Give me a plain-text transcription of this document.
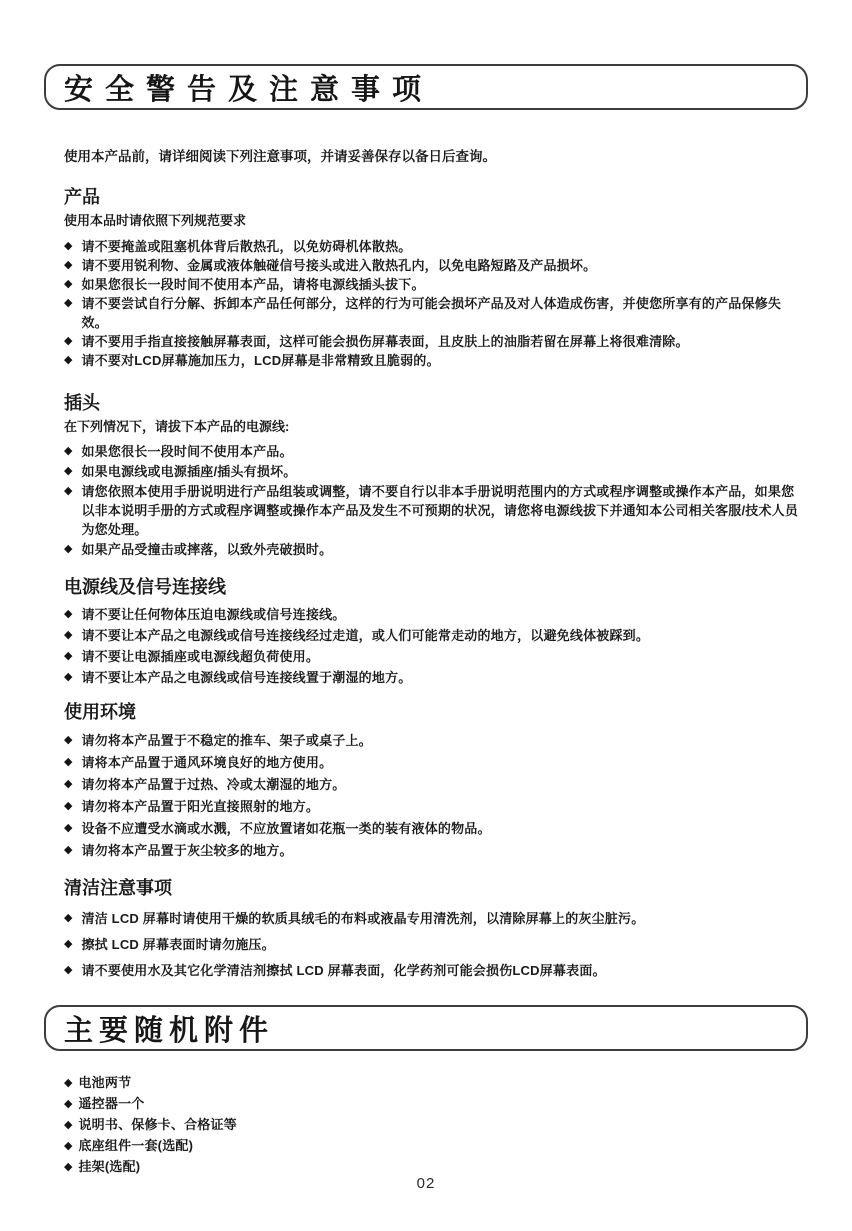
安全警告及注意事项

使用本产品前，请详细阅读下列注意事项，并请妥善保存以备日后查询。

产品
使用本品时请依照下列规范要求
◆ 请不要掩盖或阻塞机体背后散热孔，以免妨碍机体散热。
◆ 请不要用锐利物、金属或液体触碰信号接头或进入散热孔内，以免电路短路及产品损坏。
◆ 如果您很长一段时间不使用本产品，请将电源线插头拔下。
◆ 请不要尝试自行分解、拆卸本产品任何部分，这样的行为可能会损坏产品及对人体造成伤害，并使您所享有的产品保修失效。
◆ 请不要用手指直接接触屏幕表面，这样可能会损伤屏幕表面，且皮肤上的油脂若留在屏幕上将很难清除。
◆ 请不要对LCD屏幕施加压力，LCD屏幕是非常精致且脆弱的。
插头
在下列情况下，请拔下本产品的电源线:
◆ 如果您很长一段时间不使用本产品。
◆ 如果电源线或电源插座/插头有损坏。
◆ 请您依照本使用手册说明进行产品组装或调整，请不要自行以非本手册说明范围内的方式或程序调整或操作本产品，如果您以非本说明手册的方式或程序调整或操作本产品及发生不可预期的状况，请您将电源线拔下并通知本公司相关客服/技术人员为您处理。
◆ 如果产品受撞击或摔落，以致外壳破损时。
电源线及信号连接线
◆ 请不要让任何物体压迫电源线或信号连接线。
◆ 请不要让本产品之电源线或信号连接线经过走道，或人们可能常走动的地方，以避免线体被踩到。
◆ 请不要让电源插座或电源线超负荷使用。
◆ 请不要让本产品之电源线或信号连接线置于潮湿的地方。
使用环境
◆ 请勿将本产品置于不稳定的推车、架子或桌子上。
◆ 请将本产品置于通风环境良好的地方使用。
◆ 请勿将本产品置于过热、冷或太潮湿的地方。
◆ 请勿将本产品置于阳光直接照射的地方。
◆ 设备不应遭受水滴或水溅，不应放置诸如花瓶一类的装有液体的物品。
◆ 请勿将本产品置于灰尘较多的地方。
清洁注意事项
◆ 清洁 LCD 屏幕时请使用干燥的软质具绒毛的布料或液晶专用清洗剂，以清除屏幕上的灰尘脏污。
◆ 擦拭 LCD 屏幕表面时请勿施压。
◆ 请不要使用水及其它化学清洁剂擦拭 LCD 屏幕表面，化学药剂可能会损伤LCD屏幕表面。
主要随机附件
◆ 电池两节
◆ 遥控器一个
◆ 说明书、保修卡、合格证等
◆ 底座组件一套(选配)
◆ 挂架(选配)
02
